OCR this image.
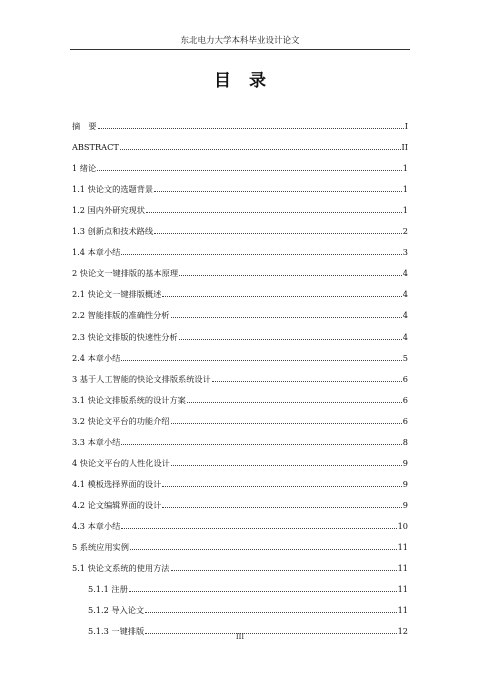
东北电力大学本科毕业设计论文
目录
摘　要	I
ABSTRACT	II
1 绪论	1
1.1 快论文的选题背景	1
1.2 国内外研究现状	1
1.3 创新点和技术路线	2
1.4 本章小结	3
2 快论文一键排版的基本原理	4
2.1 快论文一键排版概述	4
2.2 智能排版的准确性分析	4
2.3 快论文排版的快速性分析	4
2.4 本章小结	5
3 基于人工智能的快论文排版系统设计	6
3.1 快论文排版系统的设计方案	6
3.2 快论文平台的功能介绍	6
3.3 本章小结	8
4 快论文平台的人性化设计	9
4.1 模板选择界面的设计	9
4.2 论文编辑界面的设计	9
4.3 本章小结	10
5 系统应用实例	11
5.1 快论文系统的使用方法	11
5.1.1 注册	11
5.1.2 导入论文	11
5.1.3 一键排版	12
III
